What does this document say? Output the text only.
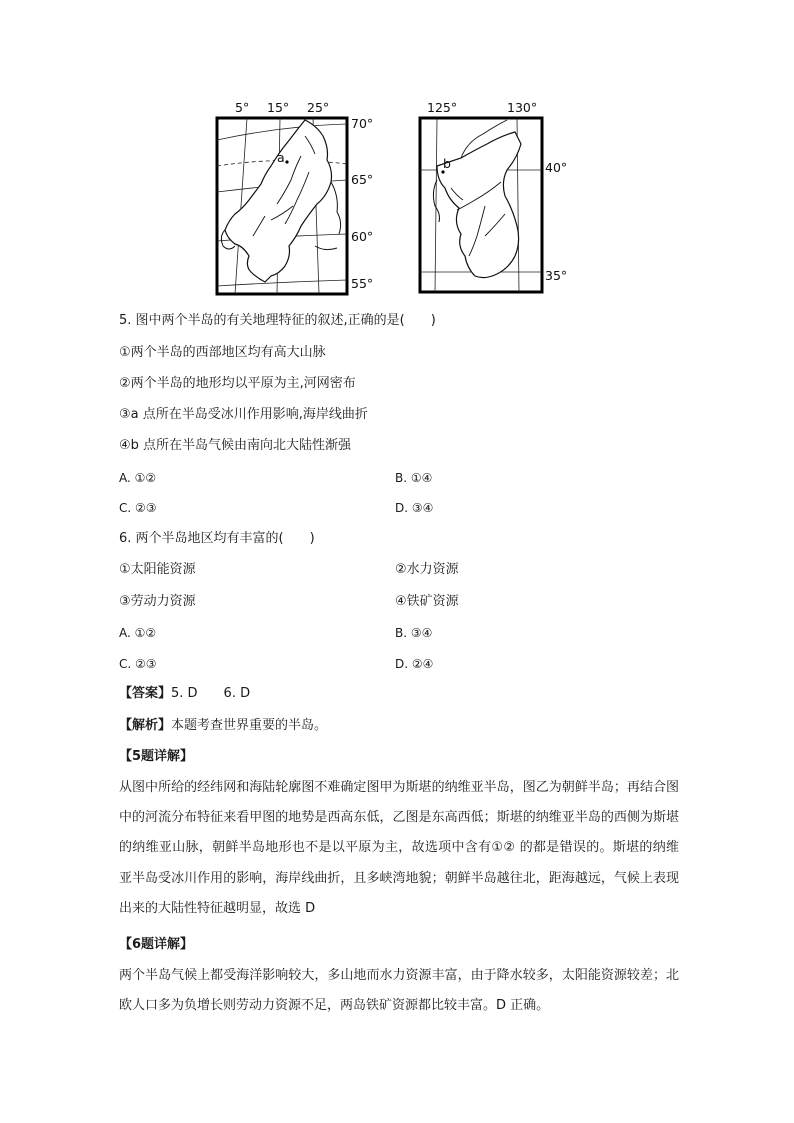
a
5° 15° 25°
70°
65°
60°
55°
b
125°	130°
40°
35°
5. 图中两个半岛的有关地理特征的叙述,正确的是(　　)
①两个半岛的西部地区均有高大山脉
②两个半岛的地形均以平原为主,河网密布
③a 点所在半岛受冰川作用影响,海岸线曲折
④b 点所在半岛气候由南向北大陆性渐强
A. ①②	B. ①④
C. ②③	D. ③④
6. 两个半岛地区均有丰富的(　　)
①太阳能资源	②水力资源
③劳动力资源	④铁矿资源
A. ①②	B. ③④
C. ②③	D. ②④
【答案】5. D　　6. D
【解析】本题考查世界重要的半岛。
【5题详解】
从图中所给的经纬网和海陆轮廓图不难确定图甲为斯堪的纳维亚半岛，图乙为朝鲜半岛；再结合图中的河流分布特征来看甲图的地势是西高东低，乙图是东高西低；斯堪的纳维亚半岛的西侧为斯堪的纳维亚山脉，朝鲜半岛地形也不是以平原为主，故选项中含有①② 的都是错误的。斯堪的纳维亚半岛受冰川作用的影响，海岸线曲折，且多峡湾地貌；朝鲜半岛越往北，距海越远，气候上表现出来的大陆性特征越明显，故选 D
【6题详解】
两个半岛气候上都受海洋影响较大，多山地而水力资源丰富，由于降水较多，太阳能资源较差；北欧人口多为负增长则劳动力资源不足，两岛铁矿资源都比较丰富。D 正确。
